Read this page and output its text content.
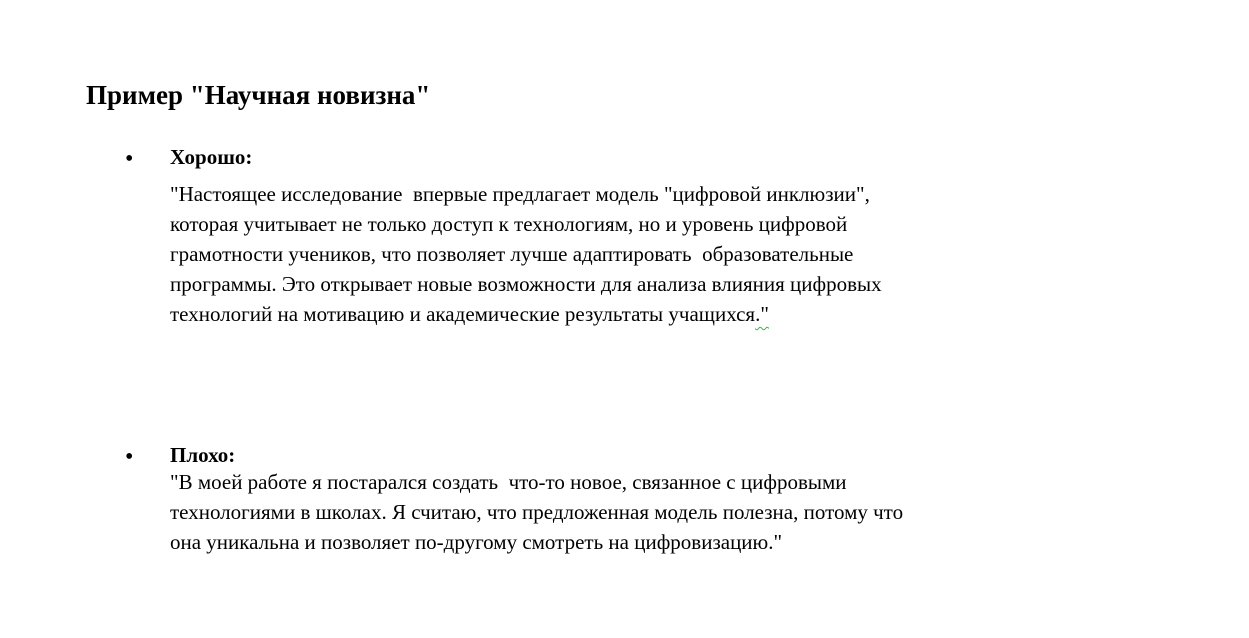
Пример "Научная новизна"
•	Хорошо:
"Настоящее исследование  впервые предлагает модель "цифровой инклюзии",
которая учитывает не только доступ к технологиям, но и уровень цифровой
грамотности учеников, что позволяет лучше адаптировать  образовательные
программы. Это открывает новые возможности для анализа влияния цифровых
технологий на мотивацию и академические результаты учащихся."
•	Плохо:
"В моей работе я постарался создать  что-то новое, связанное с цифровыми
технологиями в школах. Я считаю, что предложенная модель полезна, потому что
она уникальна и позволяет по-другому смотреть на цифровизацию."
